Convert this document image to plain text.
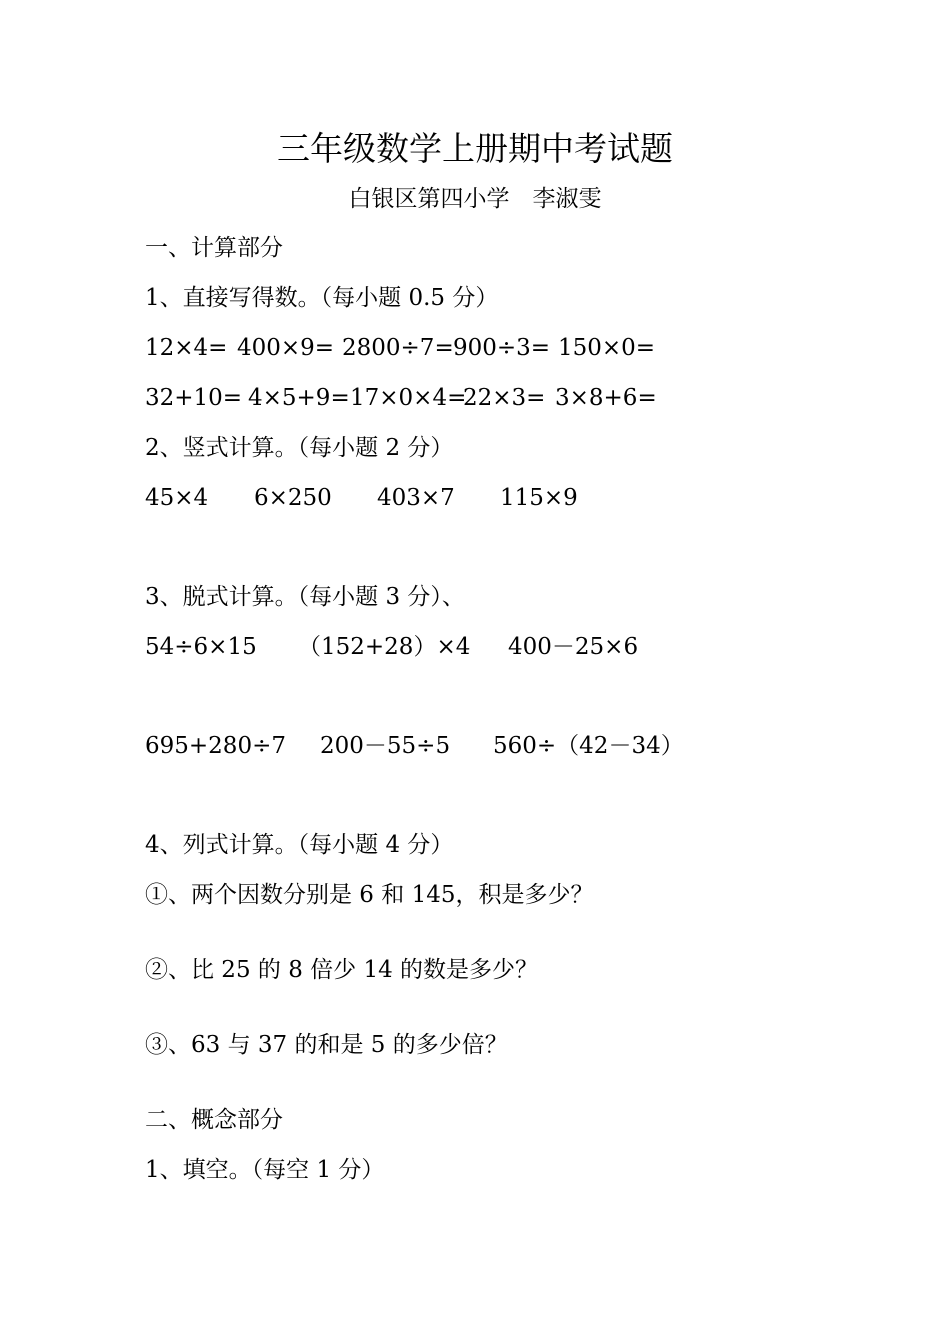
三年级数学上册期中考试题
白银区第四小学　李淑雯
一、计算部分
1、直接写得数。（每小题 0.5 分）
12×4= 400×9= 2800÷7= 900÷3= 150×0=
32+10= 4×5+9= 17×0×4=
22×3= 3×8+6=
2、竖式计算。（每小题 2 分）
45×4 6×250 403×7 115×9
3、脱式计算。（每小题 3 分）、
54÷6×15 （152+28）×4 400－25×6
695+280÷7 200－55÷5 560÷（42－34）
4、列式计算。（每小题 4 分）
①、两个因数分别是 6 和 145，积是多少？
②、比 25 的 8 倍少 14 的数是多少？
③、63 与 37 的和是 5 的多少倍？
二、概念部分
1、填空。（每空 1 分）
